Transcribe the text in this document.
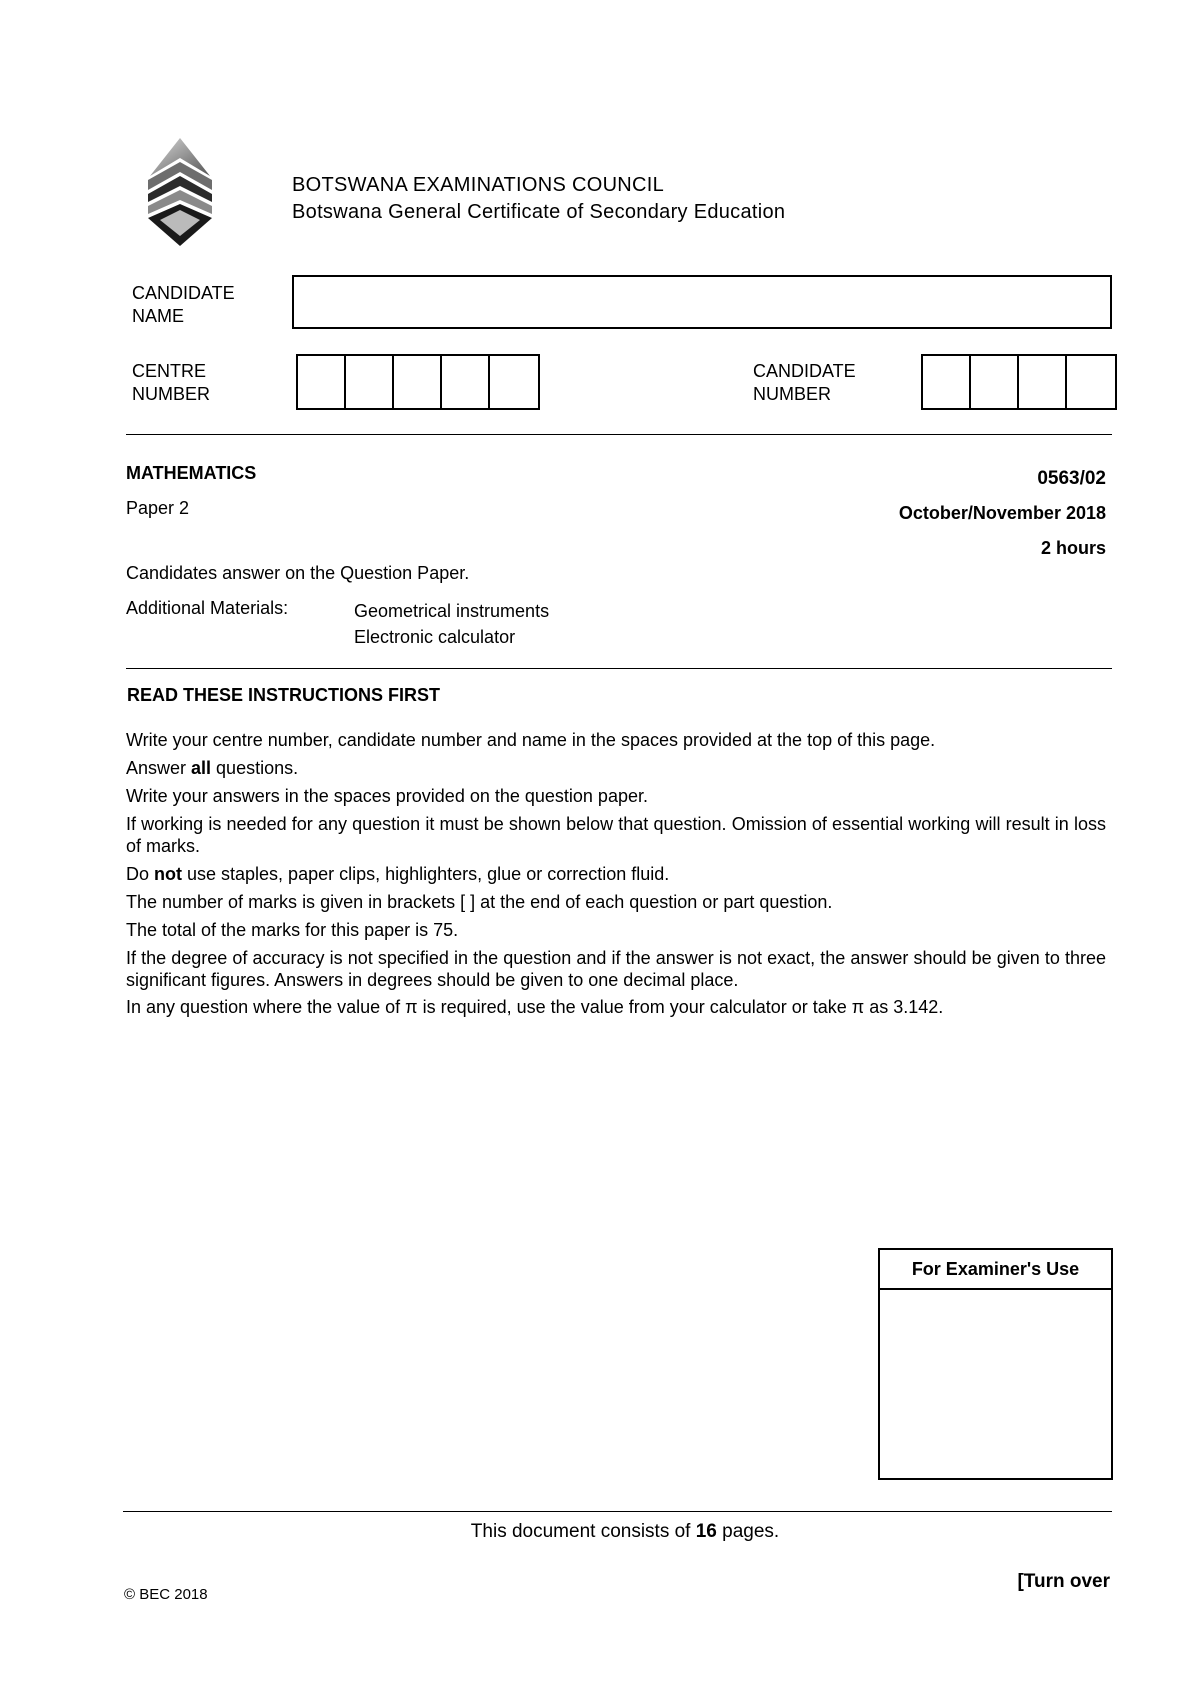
BOTSWANA EXAMINATIONS COUNCIL
Botswana General Certificate of Secondary Education
CANDIDATE
NAME
CENTRE
NUMBER
CANDIDATE
NUMBER
MATHEMATICS
Paper 2
0563/02
October/November 2018
2 hours
Candidates answer on the Question Paper.
Additional Materials:	Geometrical instruments
Electronic calculator
READ THESE INSTRUCTIONS FIRST

Write your centre number, candidate number and name in the spaces provided at the top of this page.

Answer all questions.

Write your answers in the spaces provided on the question paper.

If working is needed for any question it must be shown below that question. Omission of essential working will result in loss of marks.

Do not use staples, paper clips, highlighters, glue or correction fluid.

The number of marks is given in brackets [ ] at the end of each question or part question.

The total of the marks for this paper is 75.

If the degree of accuracy is not specified in the question and if the answer is not exact, the answer should be given to three significant figures. Answers in degrees should be given to one decimal place.

In any question where the value of π is required, use the value from your calculator or take π as 3.142.

For Examiner's Use
This document consists of 16 pages.
© BEC 2018
[Turn over
